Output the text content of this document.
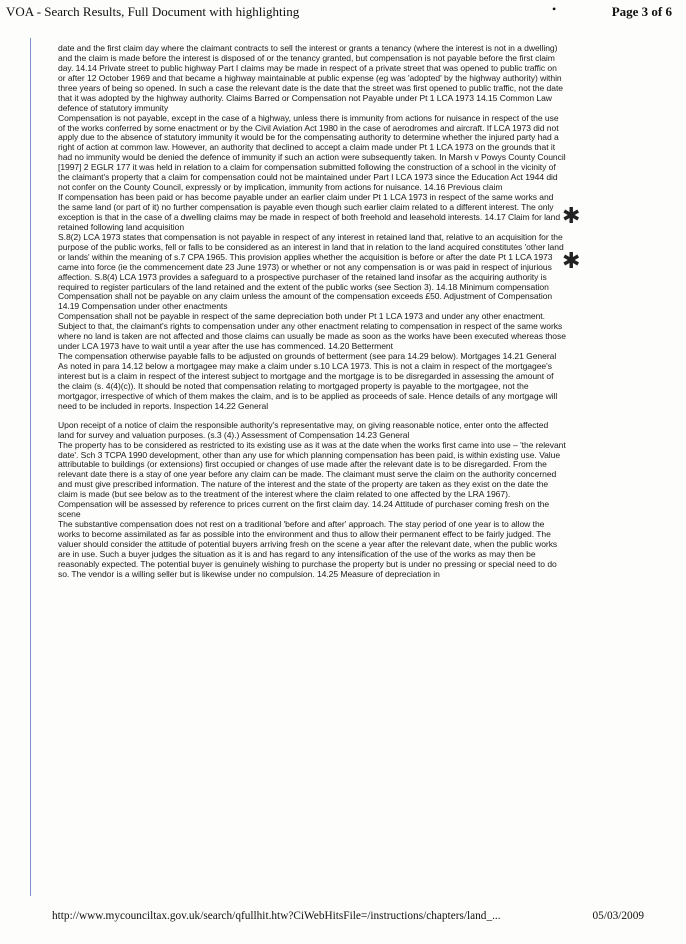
VOA - Search Results, Full Document with highlighting	•	Page 3 of 6

date and the first claim day where the claimant contracts to sell the interest or grants a tenancy (where the interest is not in a dwelling) and the claim is made before the interest is disposed of or the tenancy granted, but compensation is not payable before the first claim day. 14.14 Private street to public highway Part I claims may be made in respect of a private street that was opened to public traffic on or after 12 October 1969 and that became a highway maintainable at public expense (eg was 'adopted' by the highway authority) within three years of being so opened. In such a case the relevant date is the date that the street was first opened to public traffic, not the date that it was adopted by the highway authority. Claims Barred or Compensation not Payable under Pt 1 LCA 1973 14.15 Common Law defence of statutory immunity

Compensation is not payable, except in the case of a highway, unless there is immunity from actions for nuisance in respect of the use of the works conferred by some enactment or by the Civil Aviation Act 1980 in the case of aerodromes and aircraft. If LCA 1973 did not apply due to the absence of statutory immunity it would be for the compensating authority to determine whether the injured party had a right of action at common law. However, an authority that declined to accept a claim made under Pt 1 LCA 1973 on the grounds that it had no immunity would be denied the defence of immunity if such an action were subsequently taken. In Marsh v Powys County Council [1997] 2 EGLR 177 it was held in relation to a claim for compensation submitted following the construction of a school in the vicinity of the claimant's property that a claim for compensation could not be maintained under Part I LCA 1973 since the Education Act 1944 did not confer on the County Council, expressly or by implication, immunity from actions for nuisance. 14.16 Previous claim

If compensation has been paid or has become payable under an earlier claim under Pt 1 LCA 1973 in respect of the same works and the same land (or part of it) no further compensation is payable even though such earlier claim related to a different interest. The only exception is that in the case of a dwelling claims may be made in respect of both freehold and leasehold interests. 14.17 Claim for land retained following land acquisition

S.8(2) LCA 1973 states that compensation is not payable in respect of any interest in retained land that, relative to an acquisition for the purpose of the public works, fell or falls to be considered as an interest in land that in relation to the land acquired constitutes 'other land or lands' within the meaning of s.7 CPA 1965. This provision applies whether the acquisition is before or after the date Pt 1 LCA 1973 came into force (ie the commencement date 23 June 1973) or whether or not any compensation is or was paid in respect of injurious affection. S.8(4) LCA 1973 provides a safeguard to a prospective purchaser of the retained land insofar as the acquiring authority is required to register particulars of the land retained and the extent of the public works (see Section 3). 14.18 Minimum compensation

Compensation shall not be payable on any claim unless the amount of the compensation exceeds £50. Adjustment of Compensation 14.19 Compensation under other enactments

Compensation shall not be payable in respect of the same depreciation both under Pt 1 LCA 1973 and under any other enactment. Subject to that, the claimant's rights to compensation under any other enactment relating to compensation in respect of the same works where no land is taken are not affected and those claims can usually be made as soon as the works have been executed whereas those under LCA 1973 have to wait until a year after the use has commenced. 14.20 Betterment

The compensation otherwise payable falls to be adjusted on grounds of betterment (see para 14.29 below). Mortgages 14.21 General

As noted in para 14.12 below a mortgagee may make a claim under s.10 LCA 1973. This is not a claim in respect of the mortgagee's interest but is a claim in respect of the interest subject to mortgage and the mortgage is to be disregarded in assessing the amount of the claim (s. 4(4)(c)). It should be noted that compensation relating to mortgaged property is payable to the mortgagee, not the mortgagor, irrespective of which of them makes the claim, and is to be applied as proceeds of sale. Hence details of any mortgage will need to be included in reports. Inspection 14.22 General

Upon receipt of a notice of claim the responsible authority's representative may, on giving reasonable notice, enter onto the affected land for survey and valuation purposes. (s.3 (4).) Assessment of Compensation 14.23 General

The property has to be considered as restricted to its existing use as it was at the date when the works first came into use – 'the relevant date'. Sch 3 TCPA 1990 development, other than any use for which planning compensation has been paid, is within existing use. Value attributable to buildings (or extensions) first occupied or changes of use made after the relevant date is to be disregarded. From the relevant date there is a stay of one year before any claim can be made. The claimant must serve the claim on the authority concerned and must give prescribed information. The nature of the interest and the state of the property are taken as they exist on the date the claim is made (but see below as to the treatment of the interest where the claim related to one affected by the LRA 1967). Compensation will be assessed by reference to prices current on the first claim day. 14.24 Attitude of purchaser coming fresh on the scene

The substantive compensation does not rest on a traditional 'before and after' approach. The stay period of one year is to allow the works to become assimilated as far as possible into the environment and thus to allow their permanent effect to be fairly judged. The valuer should consider the attitude of potential buyers arriving fresh on the scene a year after the relevant date, when the public works are in use. Such a buyer judges the situation as it is and has regard to any intensification of the use of the works as may then be reasonably expected. The potential buyer is genuinely wishing to purchase the property but is under no pressing or special need to do so. The vendor is a willing seller but is likewise under no compulsion. 14.25 Measure of depreciation in

✱
✱
http://www.mycounciltax.gov.uk/search/qfullhit.htw?CiWebHitsFile=/instructions/chapters/land_...	05/03/2009
